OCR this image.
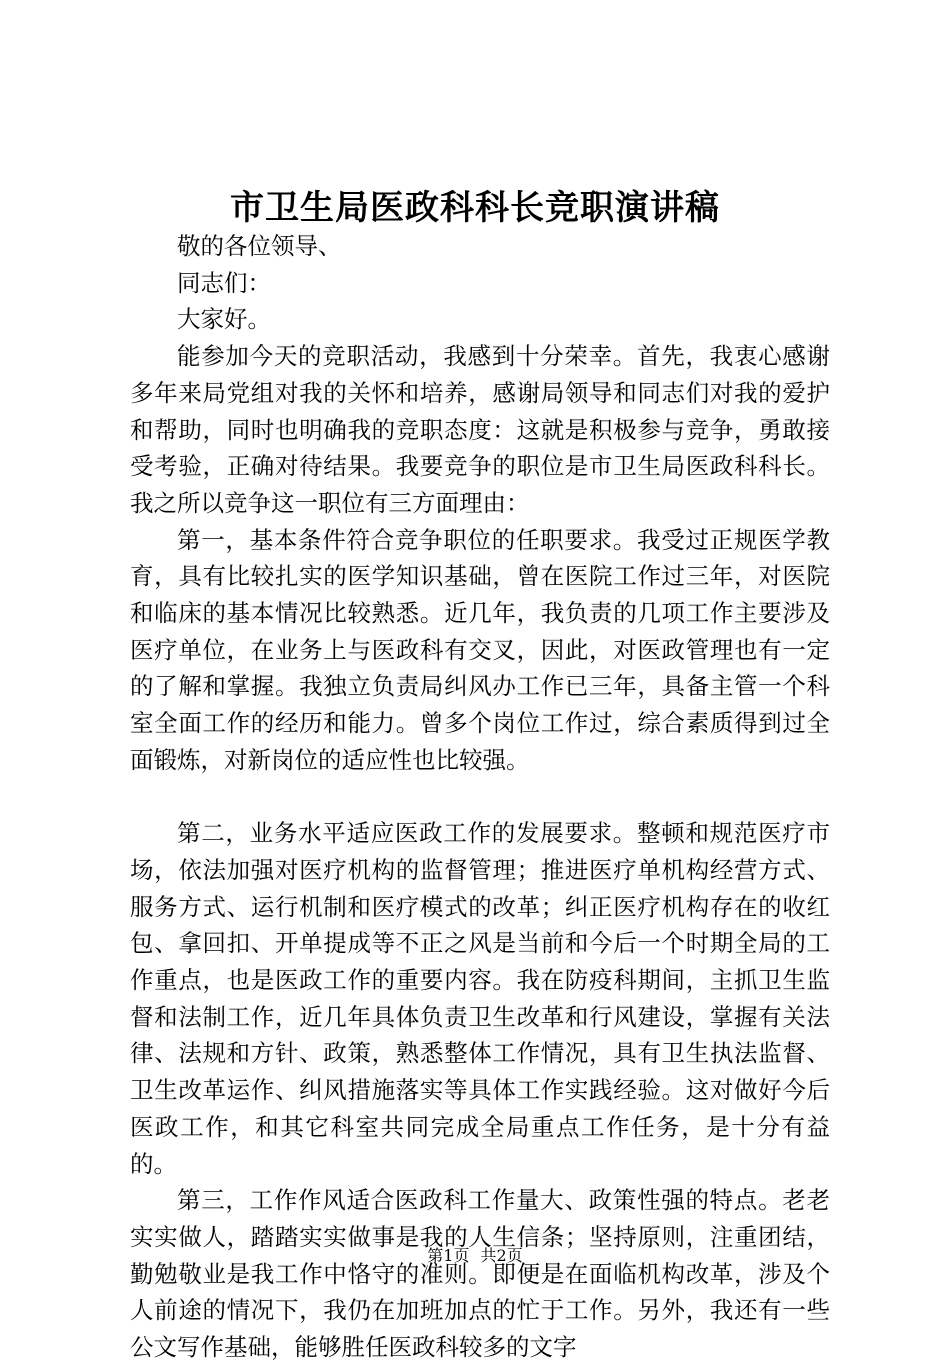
市卫生局医政科科长竞职演讲稿

敬的各位领导、

同志们：

大家好。

能参加今天的竞职活动，我感到十分荣幸。首先，我衷心感谢多年来局党组对我的关怀和培养，感谢局领导和同志们对我的爱护和帮助，同时也明确我的竞职态度：这就是积极参与竞争，勇敢接受考验，正确对待结果。我要竞争的职位是市卫生局医政科科长。我之所以竞争这一职位有三方面理由：

第一，基本条件符合竞争职位的任职要求。我受过正规医学教育，具有比较扎实的医学知识基础，曾在医院工作过三年，对医院和临床的基本情况比较熟悉。近几年，我负责的几项工作主要涉及医疗单位，在业务上与医政科有交叉，因此，对医政管理也有一定的了解和掌握。我独立负责局纠风办工作已三年，具备主管一个科室全面工作的经历和能力。曾多个岗位工作过，综合素质得到过全面锻炼，对新岗位的适应性也比较强。

第二，业务水平适应医政工作的发展要求。整顿和规范医疗市场，依法加强对医疗机构的监督管理；推进医疗单机构经营方式、服务方式、运行机制和医疗模式的改革；纠正医疗机构存在的收红包、拿回扣、开单提成等不正之风是当前和今后一个时期全局的工作重点，也是医政工作的重要内容。我在防疫科期间，主抓卫生监督和法制工作，近几年具体负责卫生改革和行风建设，掌握有关法律、法规和方针、政策，熟悉整体工作情况，具有卫生执法监督、卫生改革运作、纠风措施落实等具体工作实践经验。这对做好今后医政工作，和其它科室共同完成全局重点工作任务，是十分有益的。

第三，工作作风适合医政科工作量大、政策性强的特点。老老实实做人，踏踏实实做事是我的人生信条；坚持原则，注重团结，勤勉敬业是我工作中恪守的准则。即便是在面临机构改革，涉及个人前途的情况下，我仍在加班加点的忙于工作。另外，我还有一些公文写作基础，能够胜任医政科较多的文字

第1页 共2页
